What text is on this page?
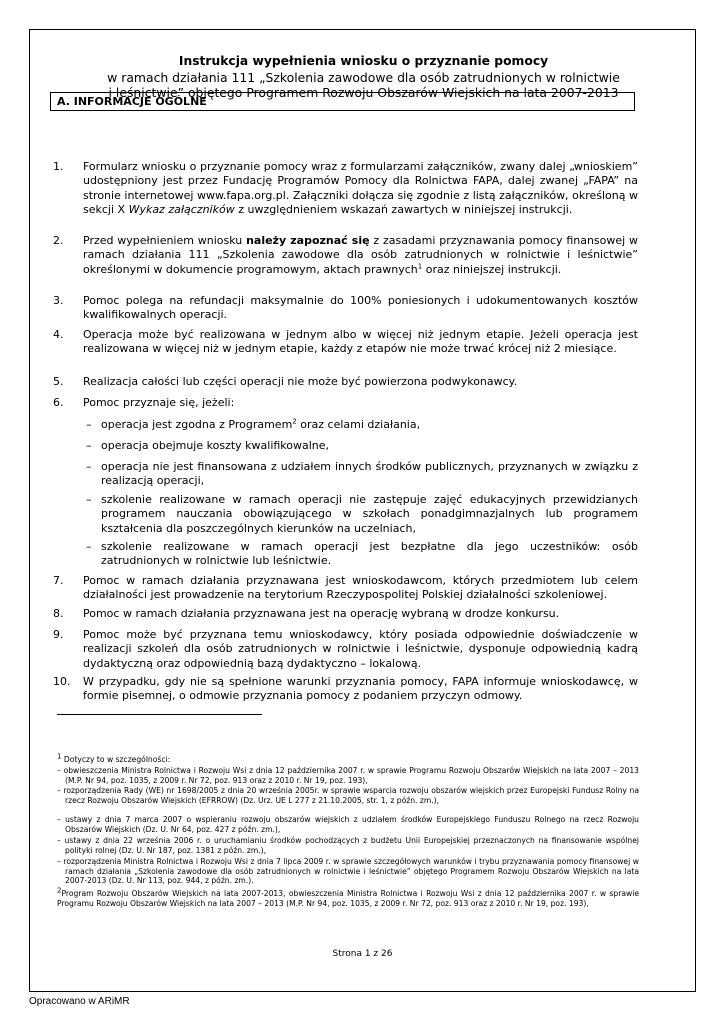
Instrukcja wypełnienia wniosku o przyznanie pomocy

w ramach działania 111 „Szkolenia zawodowe dla osób zatrudnionych w rolnictwie
i leśnictwie” objętego Programem Rozwoju Obszarów Wiejskich na lata 2007-2013

A. INFORMACJE OGÓLNE

1. Formularz wniosku o przyznanie pomocy wraz z formularzami załączników, zwany dalej „wnioskiem” udostępniony jest przez Fundację Programów Pomocy dla Rolnictwa FAPA, dalej zwanej „FAPA” na stronie internetowej www.fapa.org.pl. Załączniki dołącza się zgodnie z listą załączników, określoną w sekcji X Wykaz załączników z uwzględnieniem wskazań zawartych w niniejszej instrukcji.

2. Przed wypełnieniem wniosku należy zapoznać się z zasadami przyznawania pomocy finansowej w ramach działania 111 „Szkolenia zawodowe dla osób zatrudnionych w rolnictwie i leśnictwie” określonymi w dokumencie programowym, aktach prawnych$^1$ oraz niniejszej instrukcji.

3. Pomoc polega na refundacji maksymalnie do 100% poniesionych i udokumentowanych kosztów kwalifikowalnych operacji.

4. Operacja może być realizowana w jednym albo w więcej niż jednym etapie. Jeżeli operacja jest realizowana w więcej niż w jednym etapie, każdy z etapów nie może trwać krócej niż 2 miesiące.

5. Realizacja całości lub części operacji nie może być powierzona podwykonawcy.

6. Pomoc przyznaje się, jeżeli:

– operacja jest zgodna z Programem$^2$ oraz celami działania,

– operacja obejmuje koszty kwalifikowalne,

– operacja nie jest finansowana z udziałem innych środków publicznych, przyznanych w związku z realizacją operacji,

– szkolenie realizowane w ramach operacji nie zastępuje zajęć edukacyjnych przewidzianych programem nauczania obowiązującego w szkołach ponadgimnazjalnych lub programem kształcenia dla poszczególnych kierunków na uczelniach,

– szkolenie realizowane w ramach operacji jest bezpłatne dla jego uczestników: osób zatrudnionych w rolnictwie lub leśnictwie.

7. Pomoc w ramach działania przyznawana jest wnioskodawcom, których przedmiotem lub celem działalności jest prowadzenie na terytorium Rzeczypospolitej Polskiej działalności szkoleniowej.

8. Pomoc w ramach działania przyznawana jest na operację wybraną w drodze konkursu.

9. Pomoc może być przyznana temu wnioskodawcy, który posiada odpowiednie doświadczenie w realizacji szkoleń dla osób zatrudnionych w rolnictwie i leśnictwie, dysponuje odpowiednią kadrą dydaktyczną oraz odpowiednią bazą dydaktyczno – lokalową.

10. W przypadku, gdy nie są spełnione warunki przyznania pomocy, FAPA informuje wnioskodawcę, w formie pisemnej, o odmowie przyznania pomocy z podaniem przyczyn odmowy.

$^1$ Dotyczy to w szczególności:

– obwieszczenia Ministra Rolnictwa i Rozwoju Wsi z dnia 12 października 2007 r. w sprawie Programu Rozwoju Obszarów Wiejskich na lata 2007 – 2013 (M.P. Nr 94, poz. 1035, z 2009 r. Nr 72, poz. 913 oraz z 2010 r. Nr 19, poz. 193),

– rozporządzenia Rady (WE) nr 1698/2005 z dnia 20 września 2005r. w sprawie wsparcia rozwoju obszarów wiejskich przez Europejski Fundusz Rolny na rzecz Rozwoju Obszarów Wiejskich (EFRROW) (Dz. Urz. UE L 277 z 21.10.2005, str. 1, z późn. zm.),

– ustawy z dnia 7 marca 2007 o wspieraniu rozwoju obszarów wiejskich z udziałem środków Europejskiego Funduszu Rolnego na rzecz Rozwoju Obszarów Wiejskich (Dz. U. Nr 64, poz. 427 z późn. zm.),

– ustawy z dnia 22 września 2006 r. o uruchamianiu środków pochodzących z budżetu Unii Europejskiej przeznaczonych na finansowanie wspólnej polityki rolnej (Dz. U. Nr 187, poz. 1381 z późn. zm.),

– rozporządzenia Ministra Rolnictwa i Rozwoju Wsi z dnia 7 lipca 2009 r. w sprawie szczegółowych warunków i trybu przyznawania pomocy finansowej w ramach działania „Szkolenia zawodowe dla osób zatrudnionych w rolnictwie i leśnictwie” objętego Programem Rozwoju Obszarów Wiejskich na lata 2007-2013 (Dz. U. Nr 113, poz. 944, z późn. zm.).

$^2$Program Rozwoju Obszarów Wiejskich na lata 2007-2013, obwieszczenia Ministra Rolnictwa i Rozwoju Wsi z dnia 12 października 2007 r. w sprawie Programu Rozwoju Obszarów Wiejskich na lata 2007 – 2013 (M.P. Nr 94, poz. 1035, z 2009 r. Nr 72, poz. 913 oraz z 2010 r. Nr 19, poz. 193),

Strona 1 z 26

Opracowano w ARiMR
